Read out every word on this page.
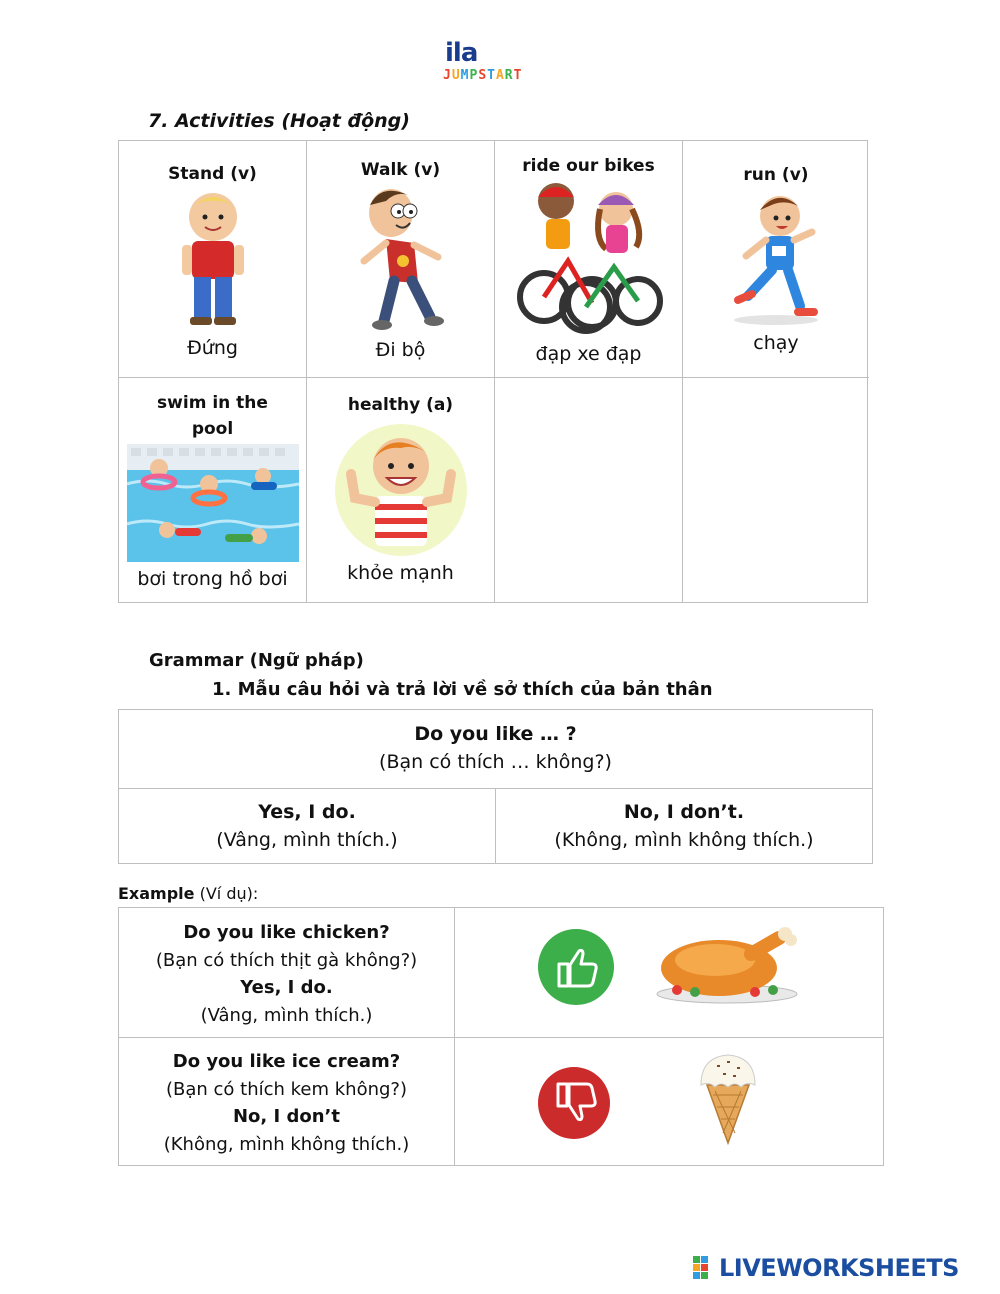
ila
JUMPSTART
7. Activities (Hoạt động)
Stand (v)
Đứng
Walk (v)
Đi bộ
ride our bikes
đạp xe đạp
run (v)
chạy
swim in the pool
bơi trong hồ bơi
healthy (a)
khỏe mạnh
Grammar (Ngữ pháp)
1. Mẫu câu hỏi và trả lời về sở thích của bản thân
Do you like … ?
(Bạn có thích … không?)
Yes, I do.
(Vâng, mình thích.)
No, I don’t.
(Không, mình không thích.)
Example (Ví dụ):
Do you like chicken?
(Bạn có thích thịt gà không?)
Yes, I do.
(Vâng, mình thích.)
Do you like ice cream?
(Bạn có thích kem không?)
No, I don’t
(Không, mình không thích.)
LIVEWORKSHEETS
